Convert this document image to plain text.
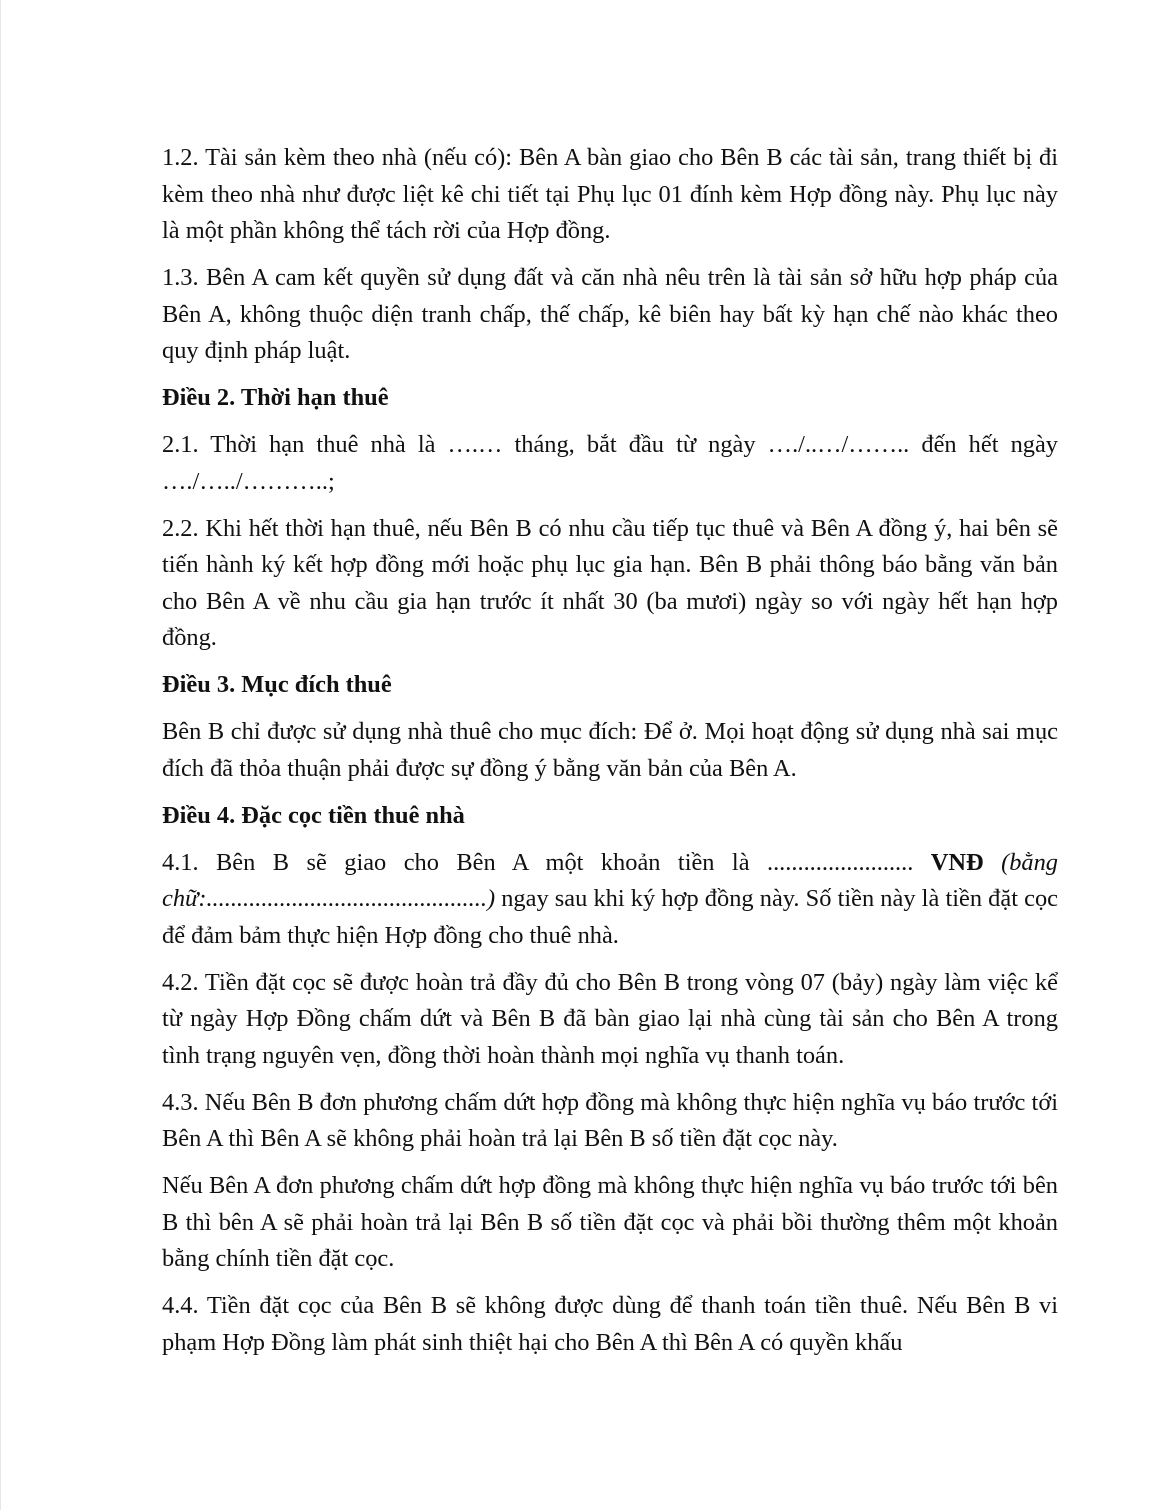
1.2. Tài sản kèm theo nhà (nếu có): Bên A bàn giao cho Bên B các tài sản, trang thiết bị đi kèm theo nhà như được liệt kê chi tiết tại Phụ lục 01 đính kèm Hợp đồng này. Phụ lục này là một phần không thể tách rời của Hợp đồng.

1.3. Bên A cam kết quyền sử dụng đất và căn nhà nêu trên là tài sản sở hữu hợp pháp của Bên A, không thuộc diện tranh chấp, thế chấp, kê biên hay bất kỳ hạn chế nào khác theo quy định pháp luật.

Điều 2. Thời hạn thuê

2.1. Thời hạn thuê nhà là ….… tháng, bắt đầu từ ngày …./..…/…….. đến hết ngày …./…../………..;

2.2. Khi hết thời hạn thuê, nếu Bên B có nhu cầu tiếp tục thuê và Bên A đồng ý, hai bên sẽ tiến hành ký kết hợp đồng mới hoặc phụ lục gia hạn. Bên B phải thông báo bằng văn bản cho Bên A về nhu cầu gia hạn trước ít nhất 30 (ba mươi) ngày so với ngày hết hạn hợp đồng.

Điều 3. Mục đích thuê

Bên B chỉ được sử dụng nhà thuê cho mục đích: Để ở. Mọi hoạt động sử dụng nhà sai mục đích đã thỏa thuận phải được sự đồng ý bằng văn bản của Bên A.

Điều 4. Đặc cọc tiền thuê nhà

4.1. Bên B sẽ giao cho Bên A một khoản tiền là ........................ VNĐ (bằng chữ:..............................................) ngay sau khi ký hợp đồng này. Số tiền này là tiền đặt cọc để đảm bảm thực hiện Hợp đồng cho thuê nhà.

4.2. Tiền đặt cọc sẽ được hoàn trả đầy đủ cho Bên B trong vòng 07 (bảy) ngày làm việc kể từ ngày Hợp Đồng chấm dứt và Bên B đã bàn giao lại nhà cùng tài sản cho Bên A trong tình trạng nguyên vẹn, đồng thời hoàn thành mọi nghĩa vụ thanh toán.

4.3. Nếu Bên B đơn phương chấm dứt hợp đồng mà không thực hiện nghĩa vụ báo trước tới Bên A thì Bên A sẽ không phải hoàn trả lại Bên B số tiền đặt cọc này.

Nếu Bên A đơn phương chấm dứt hợp đồng mà không thực hiện nghĩa vụ báo trước tới bên B thì bên A sẽ phải hoàn trả lại Bên B số tiền đặt cọc và phải bồi thường thêm một khoản bằng chính tiền đặt cọc.

4.4. Tiền đặt cọc của Bên B sẽ không được dùng để thanh toán tiền thuê. Nếu Bên B vi phạm Hợp Đồng làm phát sinh thiệt hại cho Bên A thì Bên A có quyền khấu
